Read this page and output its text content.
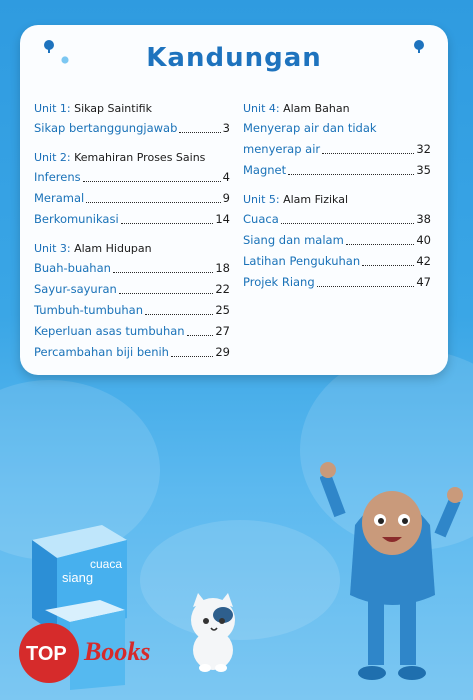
Kandungan
Unit 1: Sikap Saintifik
Sikap bertanggungjawab	3
Unit 2: Kemahiran Proses Sains
Inferens	4
Meramal	9
Berkomunikasi	14
Unit 3: Alam Hidupan
Buah-buahan	18
Sayur-sayuran	22
Tumbuh-tumbuhan	25
Keperluan asas tumbuhan	27
Percambahan biji benih	29
Unit 4: Alam Bahan
Menyerap air dan tidak
menyerap air	32
Magnet	35
Unit 5: Alam Fizikal
Cuaca	38
Siang dan malam	40
Latihan Pengukuhan	42
Projek Riang	47
siang
cuaca
TOP Books
